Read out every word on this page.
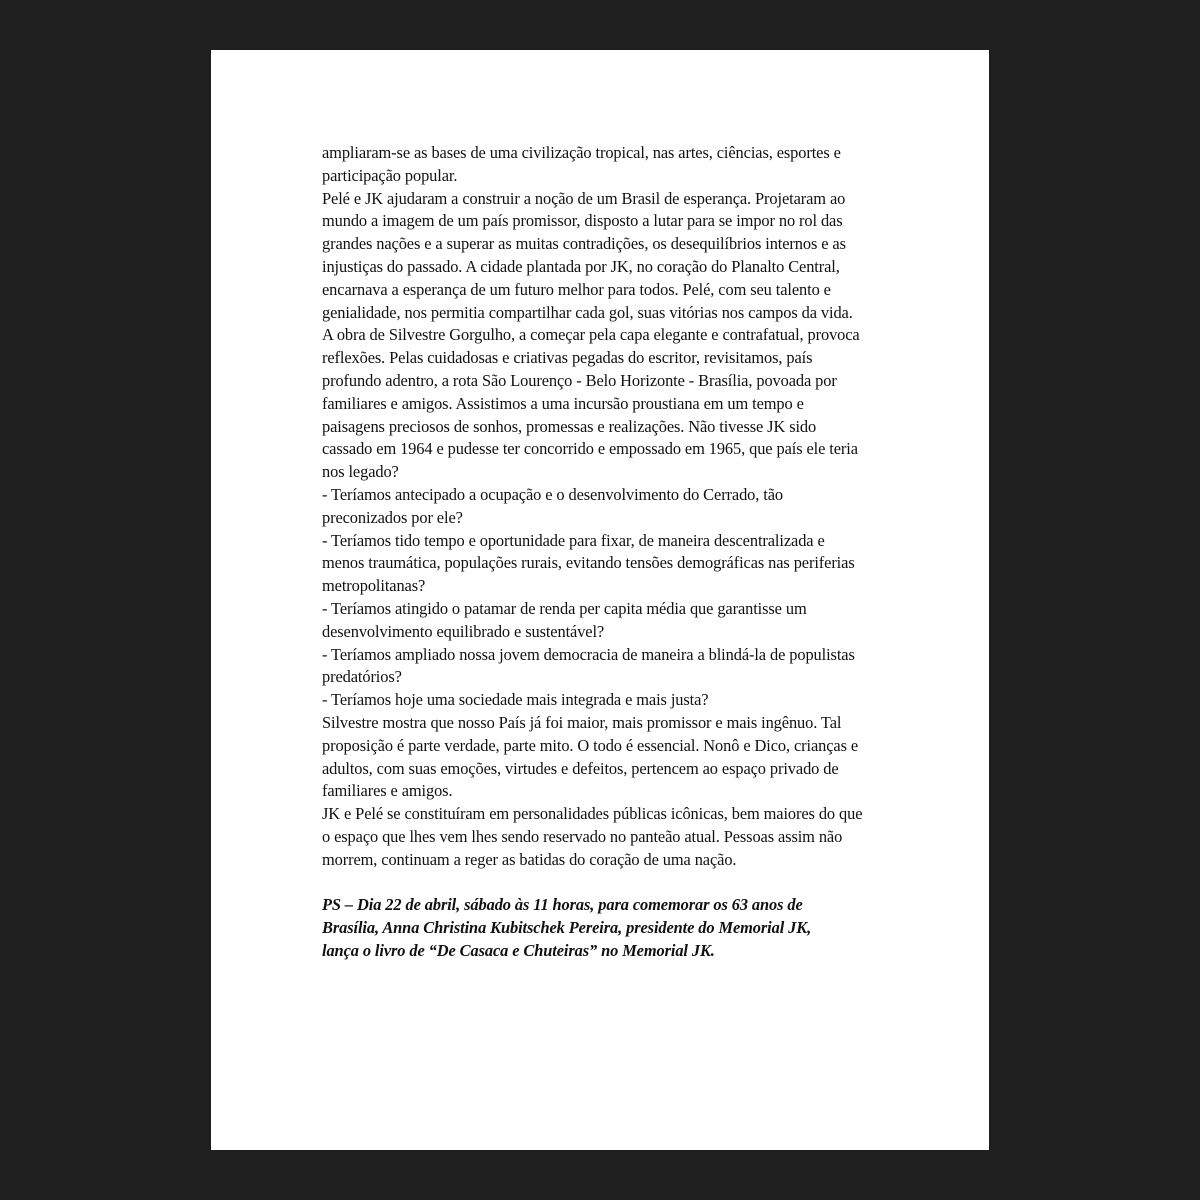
ampliaram-se as bases de uma civilização tropical, nas artes, ciências, esportes e
participação popular.
Pelé e JK ajudaram a construir a noção de um Brasil de esperança. Projetaram ao
mundo a imagem de um país promissor, disposto a lutar para se impor no rol das
grandes nações e a superar as muitas contradições, os desequilíbrios internos e as
injustiças do passado. A cidade plantada por JK, no coração do Planalto Central,
encarnava a esperança de um futuro melhor para todos. Pelé, com seu talento e
genialidade, nos permitia compartilhar cada gol, suas vitórias nos campos da vida.
A obra de Silvestre Gorgulho, a começar pela capa elegante e contrafatual, provoca
reflexões. Pelas cuidadosas e criativas pegadas do escritor, revisitamos, país
profundo adentro, a rota São Lourenço - Belo Horizonte - Brasília, povoada por
familiares e amigos. Assistimos a uma incursão proustiana em um tempo e
paisagens preciosos de sonhos, promessas e realizações. Não tivesse JK sido
cassado em 1964 e pudesse ter concorrido e empossado em 1965, que país ele teria
nos legado?
- Teríamos antecipado a ocupação e o desenvolvimento do Cerrado, tão
preconizados por ele?
- Teríamos tido tempo e oportunidade para fixar, de maneira descentralizada e
menos traumática, populações rurais, evitando tensões demográficas nas periferias
metropolitanas?
- Teríamos atingido o patamar de renda per capita média que garantisse um
desenvolvimento equilibrado e sustentável?
- Teríamos ampliado nossa jovem democracia de maneira a blindá-la de populistas
predatórios?
- Teríamos hoje uma sociedade mais integrada e mais justa?
Silvestre mostra que nosso País já foi maior, mais promissor e mais ingênuo. Tal
proposição é parte verdade, parte mito. O todo é essencial. Nonô e Dico, crianças e
adultos, com suas emoções, virtudes e defeitos, pertencem ao espaço privado de
familiares e amigos.
JK e Pelé se constituíram em personalidades públicas icônicas, bem maiores do que
o espaço que lhes vem lhes sendo reservado no panteão atual. Pessoas assim não
morrem, continuam a reger as batidas do coração de uma nação.
PS – Dia 22 de abril, sábado às 11 horas, para comemorar os 63 anos de
Brasília, Anna Christina Kubitschek Pereira, presidente do Memorial JK,
lança o livro de “De Casaca e Chuteiras” no Memorial JK.
